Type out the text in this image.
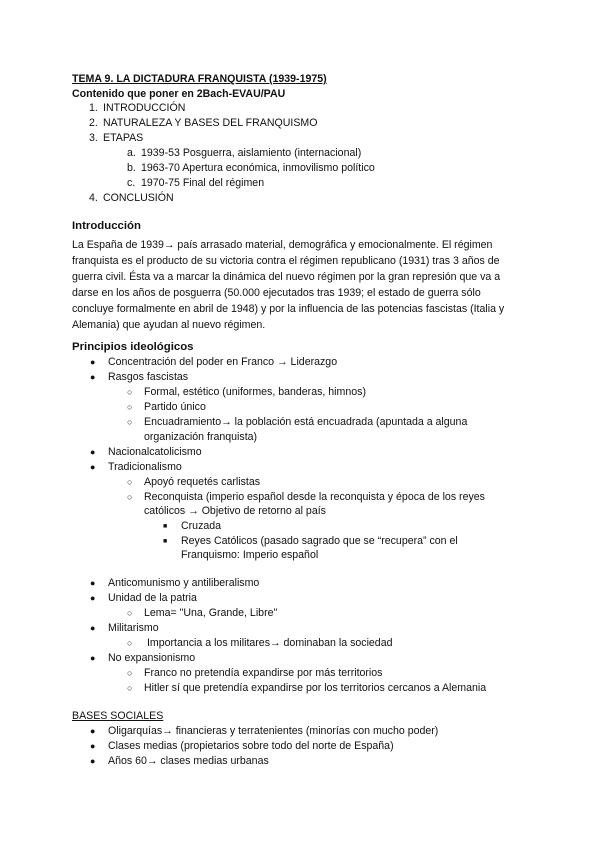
TEMA 9. LA DICTADURA FRANQUISTA (1939-1975)
Contenido que poner en 2Bach-EVAU/PAU
1. INTRODUCCIÓN
2. NATURALEZA Y BASES DEL FRANQUISMO
3. ETAPAS
a. 1939-53 Posguerra, aislamiento (internacional)
b. 1963-70 Apertura económica, inmovilismo político
c. 1970-75 Final del régimen
4. CONCLUSIÓN
Introducción
La España de 1939→ país arrasado material, demográfica y emocionalmente. El régimen
franquista es el producto de su victoria contra el régimen republicano (1931) tras 3 años de
guerra civil. Ésta va a marcar la dinámica del nuevo régimen por la gran represión que va a
darse en los años de posguerra (50.000 ejecutados tras 1939; el estado de guerra sólo
concluye formalmente en abril de 1948) y por la influencia de las potencias fascistas (Italia y
Alemania) que ayudan al nuevo régimen.
Principios ideológicos
● Concentración del poder en Franco → Liderazgo
● Rasgos fascistas
○ Formal, estético (uniformes, banderas, himnos)
○ Partido único
○ Encuadramiento→ la población está encuadrada (apuntada a alguna
organización franquista)
● Nacionalcatolicismo
● Tradicionalismo
○ Apoyó requetés carlistas
○ Reconquista (imperio español desde la reconquista y época de los reyes
católicos → Objetivo de retorno al país
■ Cruzada
■ Reyes Católicos (pasado sagrado que se “recupera” con el
Franquismo: Imperio español
● Anticomunismo y antiliberalismo
● Unidad de la patria
○ Lema= "Una, Grande, Libre"
● Militarismo
○ Importancia a los militares→ dominaban la sociedad
● No expansionismo
○ Franco no pretendía expandirse por más territorios
○ Hitler sí que pretendía expandirse por los territorios cercanos a Alemania
BASES SOCIALES
● Oligarquías→ financieras y terratenientes (minorías con mucho poder)
● Clases medias (propietarios sobre todo del norte de España)
● Años 60→ clases medias urbanas
